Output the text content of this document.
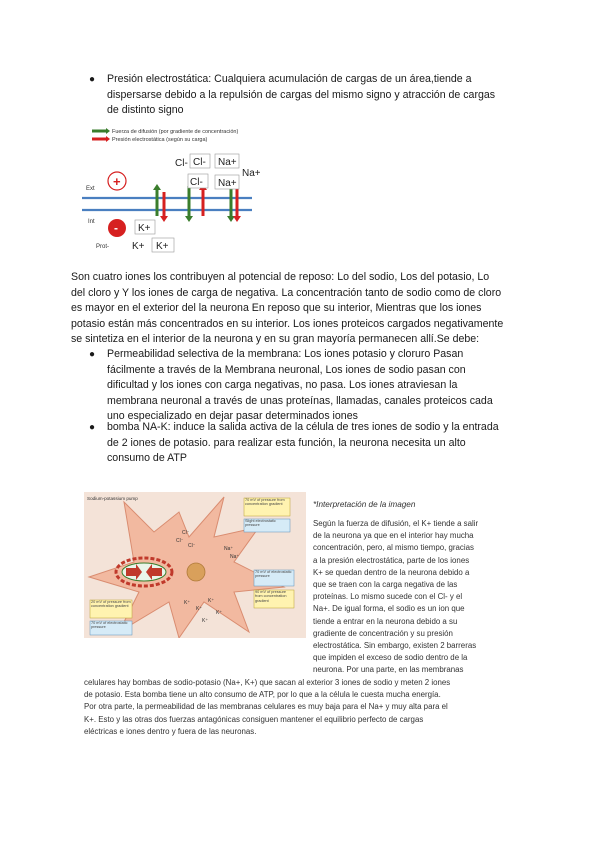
● Presión electrostática: Cualquiera acumulación de cargas de un área,tiende a
dispersarse debido a la repulsión de cargas del mismo signo y atracción de cargas
de distinto signo
Fuerza de difusión (por gradiente de concentración)
Presión electrostática (según su carga)
Ext
Int
+
-
Cl- Cl- Na+
Na+
Cl- Na+
K+
K+ K+
Prot-
Son cuatro iones los contribuyen al potencial de reposo: Lo del sodio, Los del potasio, Lo
del cloro y Y los iones de carga de negativa. La concentración tanto de sodio como de cloro
es mayor en el exterior del la neurona En reposo que su interior, Mientras que los iones
potasio están más concentrados en su interior. Los iones proteicos cargados negativamente
se sintetiza en el interior de la neurona y en su gran mayoría permanecen allí.Se debe:
● Permeabilidad selectiva de la membrana: Los iones potasio y cloruro Pasan
fácilmente a través de la Membrana neuronal, Los iones de sodio pasan con
dificultad y los iones con carga negativas, no pasa. Los iones atraviesan la
membrana neuronal a través de unas proteínas, llamadas, canales proteicos cada
uno especializado en dejar pasar determinados iones
● bomba NA-K: induce la salida activa de la célula de tres iones de sodio y la entrada
de 2 iones de potasio. para realizar esta función, la neurona necesita un alto
consumo de ATP
Sodium-potassium pump	70 mV of pressure from concentration gradient
Slight electrostatic pressure
70 mV of electrostatic pressure
90 mV of pressure from concentration gradient
20 mV of pressure from concentration gradient
70 mV of electrostatic pressure
Cl⁻
Cl⁻
Cl⁻	Na⁺
Na⁺
K⁺
K⁺
K⁺
K⁺
K⁺
*Interpretación de la imagen
Según la fuerza de difusión, el K+ tiende a salir
de la neurona ya que en el interior hay mucha
concentración, pero, al mismo tiempo, gracias
a la presión electrostática, parte de los iones
K+ se quedan dentro de la neurona debido a
que se traen con la carga negativa de las
proteínas. Lo mismo sucede con el Cl- y el
Na+. De igual forma, el sodio es un ion que
tiende a entrar en la neurona debido a su
gradiente de concentración y su presión
electrostática. Sin embargo, existen 2 barreras
que impiden el exceso de sodio dentro de la
neurona. Por una parte, en las membranas
celulares hay bombas de sodio-potasio (Na+, K+) que sacan al exterior 3 iones de sodio y meten 2 iones
de potasio. Esta bomba tiene un alto consumo de ATP, por lo que a la célula le cuesta mucha energía.
Por otra parte, la permeabilidad de las membranas celulares es muy baja para el Na+ y muy alta para el
K+. Esto y las otras dos fuerzas antagónicas consiguen mantener el equilibrio perfecto de cargas
eléctricas e iones dentro y fuera de las neuronas.
